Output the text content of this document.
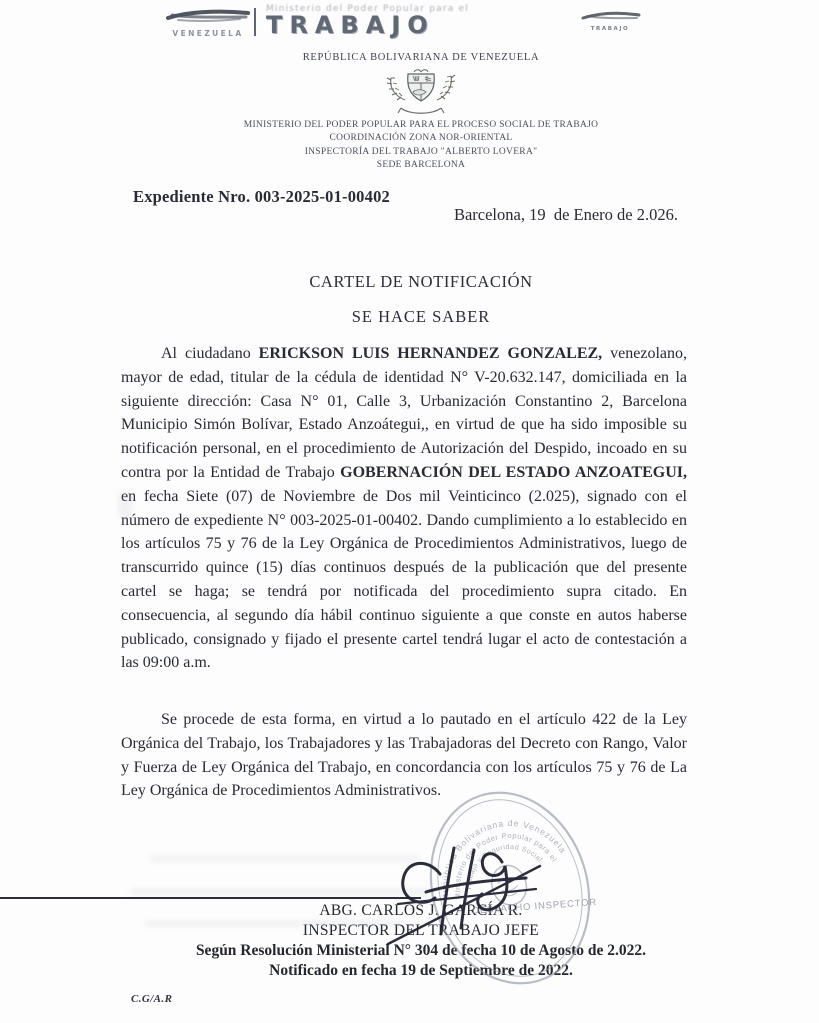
VENEZUELA
Ministerio del Poder Popular para el
TRABAJO	TRABAJO
REPÚBLICA BOLIVARIANA DE VENEZUELA
MINISTERIO DEL PODER POPULAR PARA EL PROCESO SOCIAL DE TRABAJO
COORDINACIÓN ZONA NOR-ORIENTAL
INSPECTORÍA DEL TRABAJO "ALBERTO LOVERA"
SEDE BARCELONA
CARTEL DE NOTIFICACIÓN
SE HACE SABER
ABG. CARLOS J. GARCÍA R.
INSPECTOR DEL TRABAJO JEFE
Según Resolución Ministerial N° 304 de fecha 10 de Agosto de 2.022.
Notificado en fecha 19 de Septiembre de 2022.
Expediente Nro. 003-2025-01-00402
Barcelona, 19  de Enero de 2.026.
Al ciudadano ERICKSON LUIS HERNANDEZ GONZALEZ, venezolano, mayor de edad, titular de la cédula de identidad N° V-20.632.147, domiciliada en la siguiente dirección: Casa N° 01, Calle 3, Urbanización Constantino 2, Barcelona Municipio Simón Bolívar, Estado Anzoátegui,, en virtud de que ha sido imposible su notificación personal, en el procedimiento de Autorización del Despido, incoado en su contra por la Entidad de Trabajo GOBERNACIÓN DEL ESTADO ANZOATEGUI, en fecha Siete (07) de Noviembre de Dos mil Veinticinco (2.025), signado con el número de expediente N° 003-2025-01-00402. Dando cumplimiento a lo establecido en los artículos 75 y 76 de la Ley Orgánica de Procedimientos Administrativos, luego de transcurrido quince (15) días continuos después de la publicación que del presente cartel se haga; se tendrá por notificada del procedimiento supra citado. En consecuencia, al segundo día hábil continuo siguiente a que conste en autos haberse publicado, consignado y fijado el presente cartel tendrá lugar el acto de contestación a las 09:00 a.m.
Se procede de esta forma, en virtud a lo pautado en el artículo 422 de la Ley Orgánica del Trabajo, los Trabajadores y las Trabajadoras del Decreto con Rango, Valor y Fuerza de Ley Orgánica del Trabajo, en concordancia con los artículos 75 y 76 de La Ley Orgánica de Procedimientos Administrativos.
C.G/A.R
República Bolivariana de Venezuela
Ministerio del Poder Popular para el
Trabajo y Seguridad Social
DESPACHO INSPECTOR
